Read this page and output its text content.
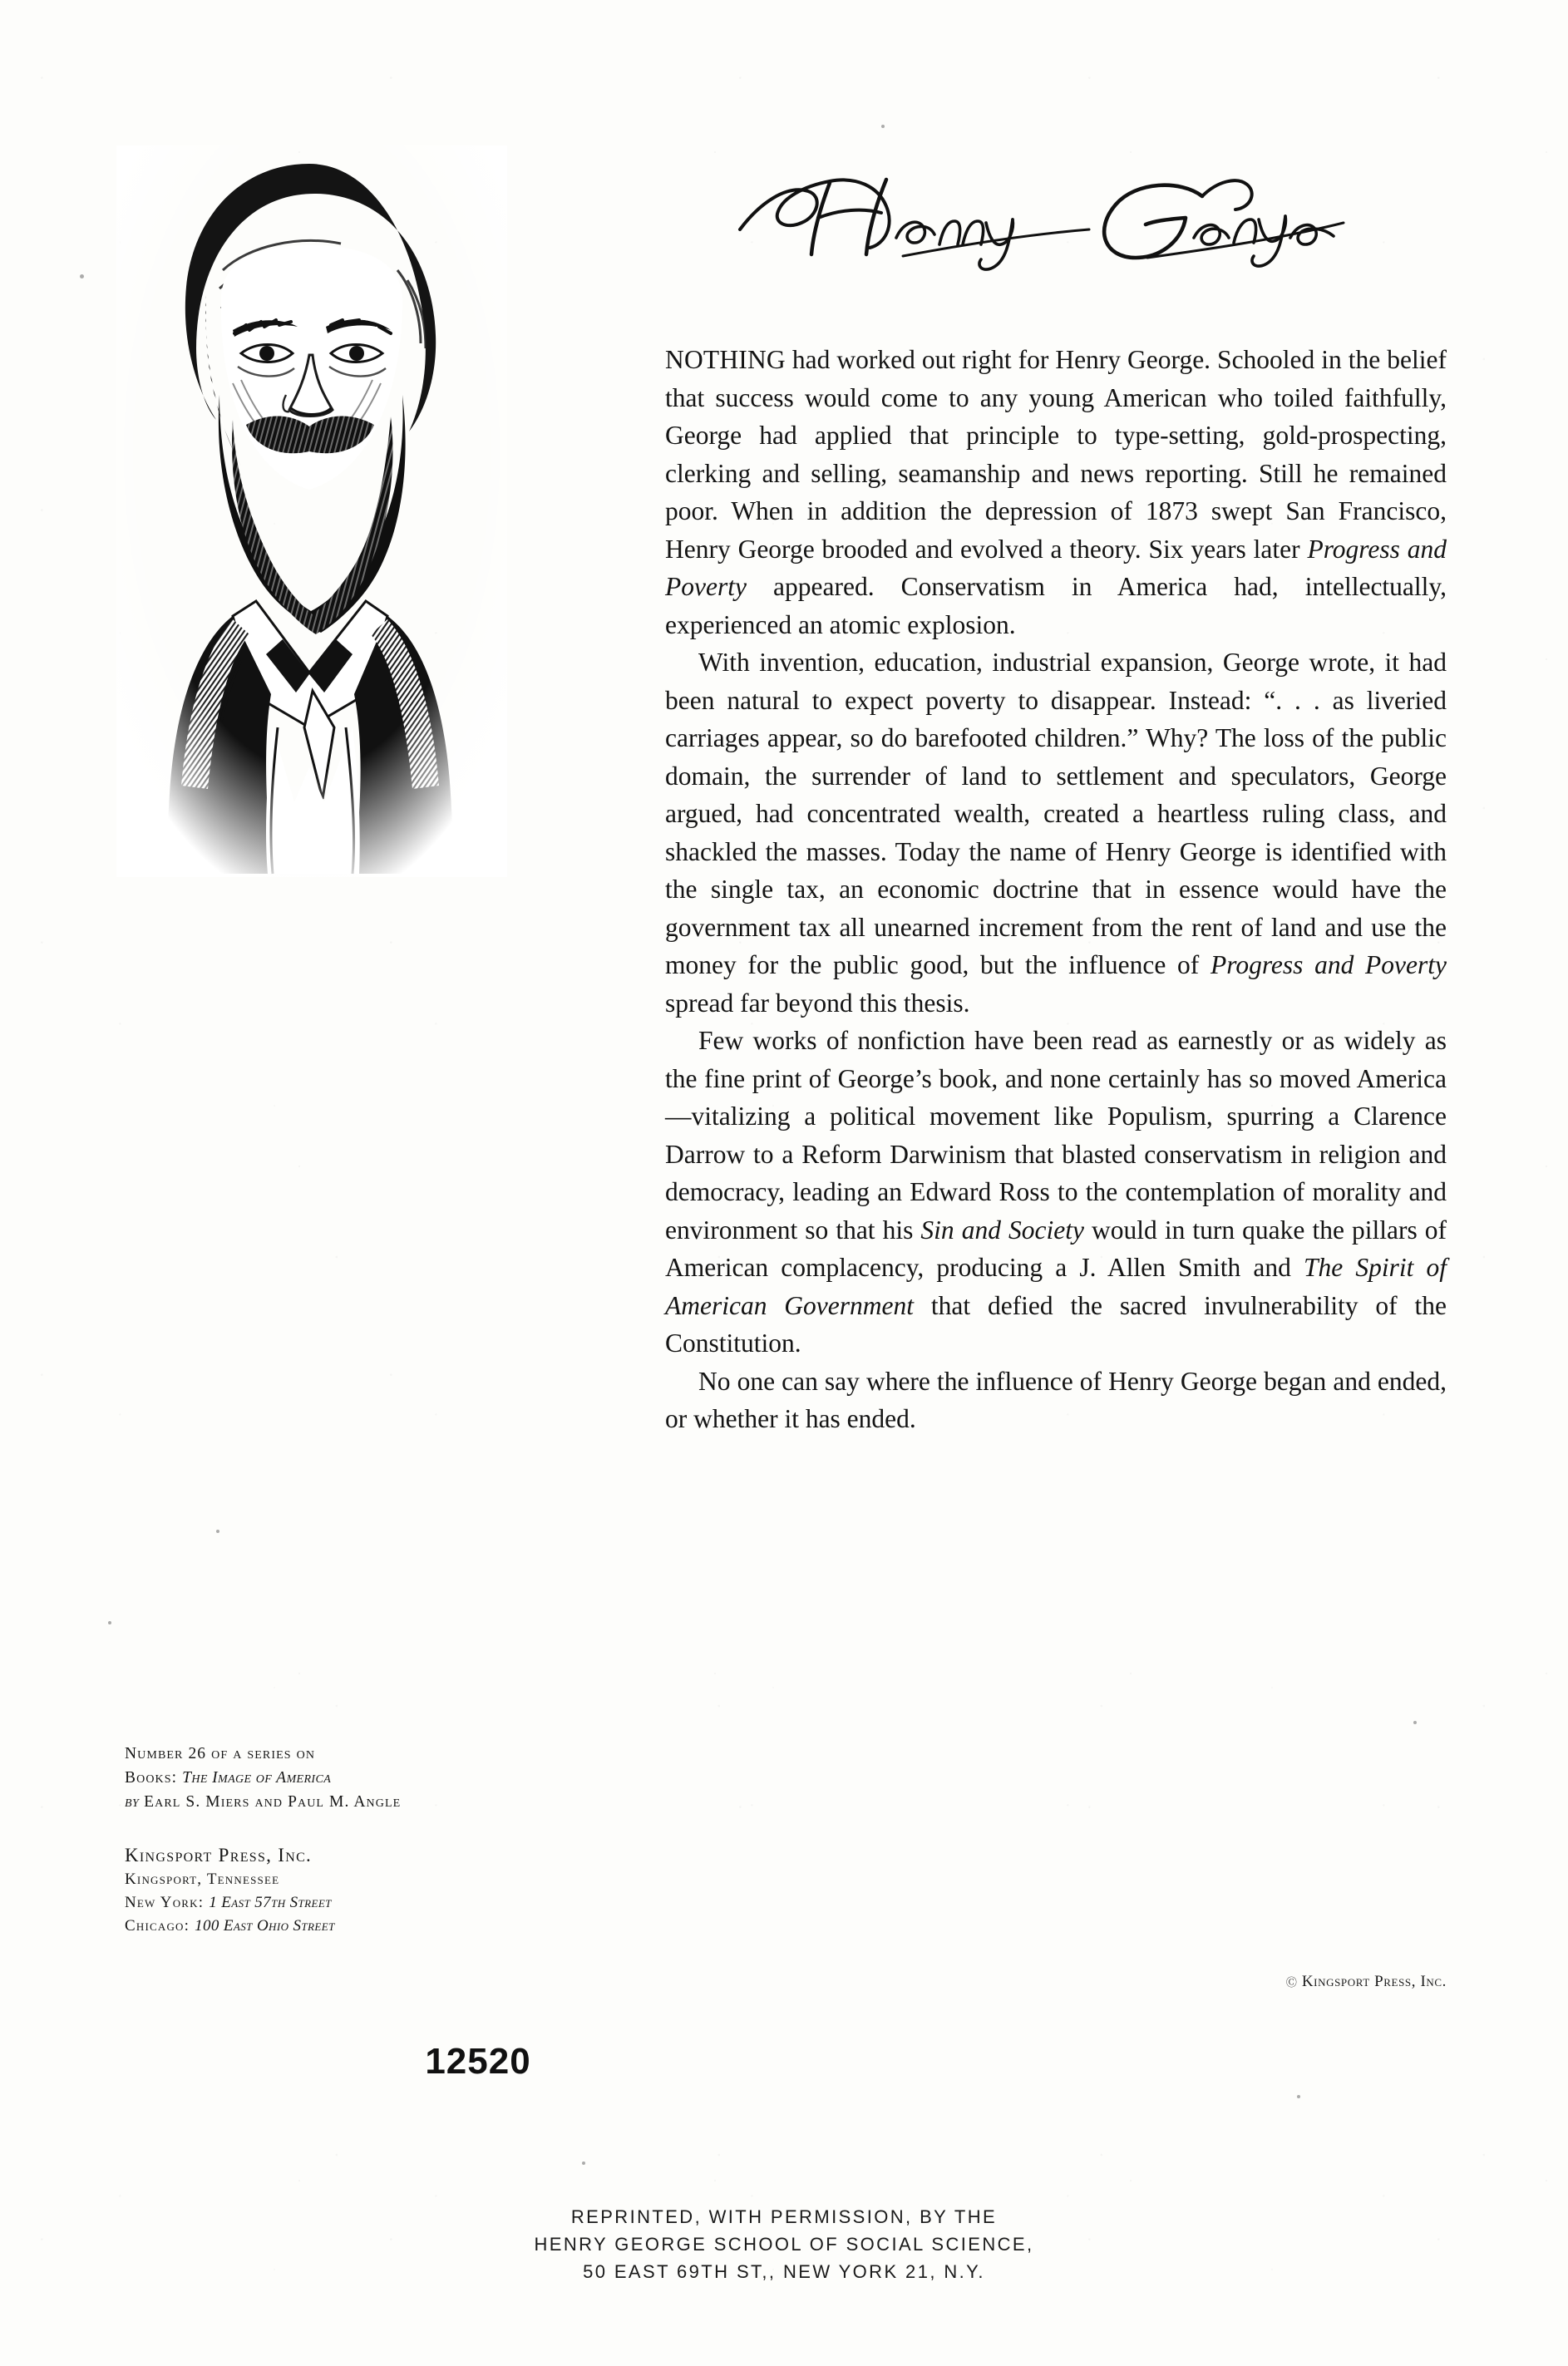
NOTHING had worked out right for Henry George. Schooled in the belief that success would come to any young American who toiled faithfully, George had applied that principle to type-setting, gold-prospecting, clerking and selling, seamanship and news reporting. Still he remained poor. When in addition the depression of 1873 swept San Francisco, Henry George brooded and evolved a theory. Six years later Progress and Poverty appeared. Conservatism in America had, intellectually, experienced an atomic explosion.

With invention, education, industrial expansion, George wrote, it had been natural to expect poverty to disappear. Instead: “. . . as liveried carriages appear, so do barefooted children.” Why? The loss of the public domain, the surrender of land to settlement and speculators, George argued, had concentrated wealth, created a heartless ruling class, and shackled the masses. Today the name of Henry George is identified with the single tax, an economic doctrine that in essence would have the government tax all unearned increment from the rent of land and use the money for the public good, but the influence of Progress and Poverty spread far beyond this thesis.

Few works of nonfiction have been read as earnestly or as widely as the fine print of George’s book, and none certainly has so moved America—vitalizing a political movement like Populism, spurring a Clarence Darrow to a Reform Darwinism that blasted conservatism in religion and democracy, leading an Edward Ross to the contemplation of morality and environment so that his Sin and Society would in turn quake the pillars of American complacency, producing a J. Allen Smith and The Spirit of American Government that defied the sacred invulnerability of the Constitution.

No one can say where the influence of Henry George began and ended, or whether it has ended.

ⓒ Kingsport Press, Inc.
Number 26 of a series on
Books: The Image of America
by Earl S. Miers and Paul M. Angle
Kingsport Press, Inc.
Kingsport, Tennessee
New York: 1 East 57th Street
Chicago: 100 East Ohio Street
12520
REPRINTED, WITH PERMISSION, BY THE
HENRY GEORGE SCHOOL OF SOCIAL SCIENCE,
50 EAST 69TH ST,, NEW YORK 21, N.Y.
